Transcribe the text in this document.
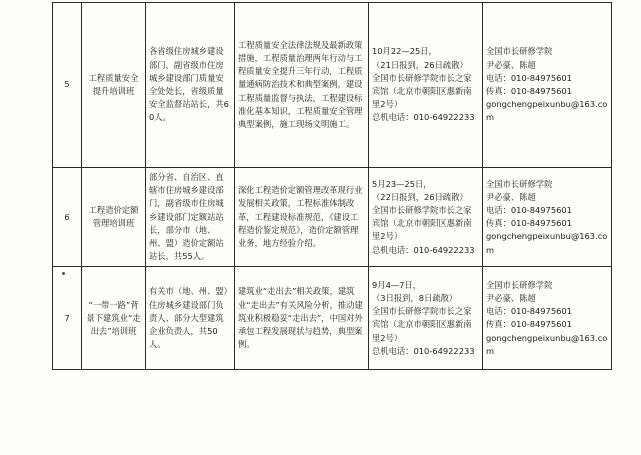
5	工程质量安全提升培训班	各省级住房城乡建设部门，副省级市住房城乡建设部门质量安全处处长，省级质量安全监督站站长，共60人。	工程质量安全法律法规及最新政策措施，工程质量治理两年行动与工程质量安全提升三年行动，工程质量通病防治技术和典型案例，建设工程质量监督与执法，工程建设标准化基本知识，工程质量安全管理典型案例，施工现场文明施工。	10月22—25日，
（21日报到，26日疏散）
全国市长研修学院市长之家宾馆（北京市朝阳区惠新南里2号）
总机电话：010-64922233	全国市长研修学院
尹必豪、陈超
电话：010-84975601
传真：010-84975601
gongchengpeixunbu@163.com

6	工程造价定额管理培训班	部分省、自治区、直辖市住房城乡建设部门，副省级市住房城乡建设部门定额站站长，部分市（地、州、盟）造价定额站站长，共55人。	深化工程造价定额管理改革现行业发展相关政策，工程标准体制改革，工程建设标准规范，《建设工程造价鉴定规范》，造价定额管理业务，地方经验介绍。	5月23—25日，
（22日报到，26日疏散）
全国市长研修学院市长之家宾馆（北京市朝阳区惠新南里2号）
总机电话：010-64922233	全国市长研修学院
尹必豪、陈超
电话：010-84975601
传真：010-84975601
gongchengpeixunbu@163.com

7	“一带一路”背景下建筑业“走出去”培训班	有关市（地、州、盟）住房城乡建设部门负责人、部分大型建筑企业负责人，共50人。	建筑业“走出去”相关政策，建筑业“走出去”有关风险分析，推动建筑业积极稳妥“走出去”，中国对外承包工程发展现状与趋势，典型案例。	9月4—7日，
（3日报到，8日疏散）
全国市长研修学院市长之家宾馆（北京市朝阳区惠新南里2号）
总机电话：010-64922233	全国市长研修学院
尹必豪、陈超
电话：010-84975601
传真：010-84975601
gongchengpeixunbu@163.com
